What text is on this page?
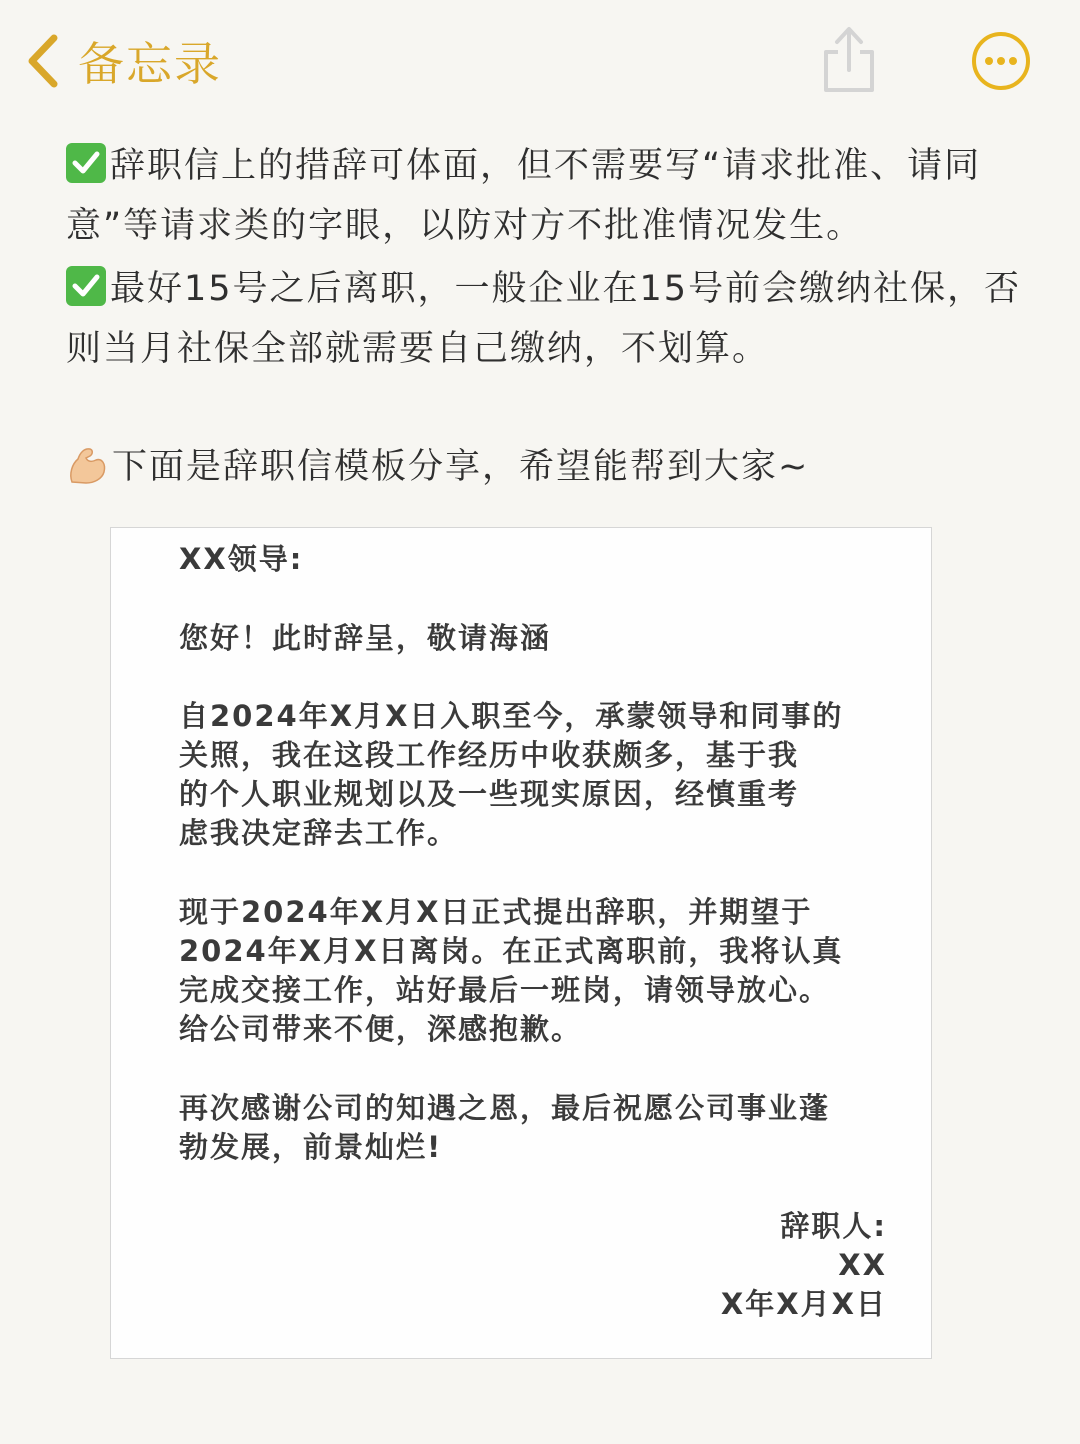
备忘录

辞职信上的措辞可体面，但不需要写“请求批准、请同意”等请求类的字眼，以防对方不批准情况发生。

最好15号之后离职，一般企业在15号前会缴纳社保，否则当月社保全部就需要自己缴纳，不划算。

下面是辞职信模板分享，希望能帮到大家~

XX领导:

您好！此时辞呈，敬请海涵

自2024年X月X日入职至今，承蒙领导和同事的
关照，我在这段工作经历中收获颇多，基于我
的个人职业规划以及一些现实原因，经慎重考
虑我决定辞去工作。

现于2024年X月X日正式提出辞职，并期望于
2024年X月X日离岗。在正式离职前，我将认真
完成交接工作，站好最后一班岗，请领导放心。
给公司带来不便，深感抱歉。

再次感谢公司的知遇之恩，最后祝愿公司事业蓬
勃发展，前景灿烂!

辞职人:
XX
X年X月X日
